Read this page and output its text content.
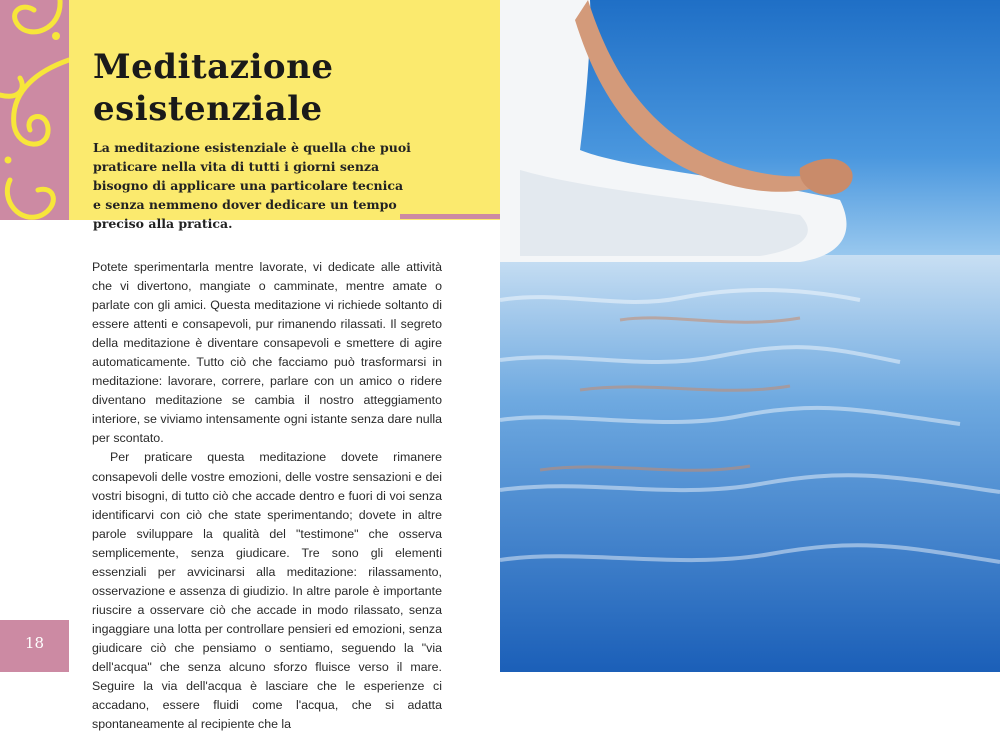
Meditazione esistenziale

La meditazione esistenziale è quella che puoi praticare nella vita di tutti i giorni senza bisogno di applicare una particolare tecnica e senza nemmeno dover dedicare un tempo preciso alla pratica.

Potete sperimentarla mentre lavorate, vi dedicate alle attività che vi divertono, mangiate o camminate, mentre amate o parlate con gli amici. Questa meditazione vi richiede soltanto di essere attenti e consapevoli, pur rimanendo rilassati. Il segreto della meditazione è diventare consapevoli e smettere di agire automaticamente. Tutto ciò che facciamo può trasformarsi in meditazione: lavorare, correre, parlare con un amico o ridere diventano meditazione se cambia il nostro atteggiamento interiore, se viviamo intensamente ogni istante senza dare nulla per scontato.

Per praticare questa meditazione dovete rimanere consapevoli delle vostre emozioni, delle vostre sensazioni e dei vostri bisogni, di tutto ciò che accade dentro e fuori di voi senza identificarvi con ciò che state sperimentando; dovete in altre parole sviluppare la qualità del "testimone" che osserva semplicemente, senza giudicare. Tre sono gli elementi essenziali per avvicinarsi alla meditazione: rilassamento, osservazione e assenza di giudizio. In altre parole è importante riuscire a osservare ciò che accade in modo rilassato, senza ingaggiare una lotta per controllare pensieri ed emozioni, senza giudicare ciò che pensiamo o sentiamo, seguendo la "via dell'acqua" che senza alcuno sforzo fluisce verso il mare. Seguire la via dell'acqua è lasciare che le esperienze ci accadano, essere fluidi come l'acqua, che si adatta spontaneamente al recipiente che la

18
